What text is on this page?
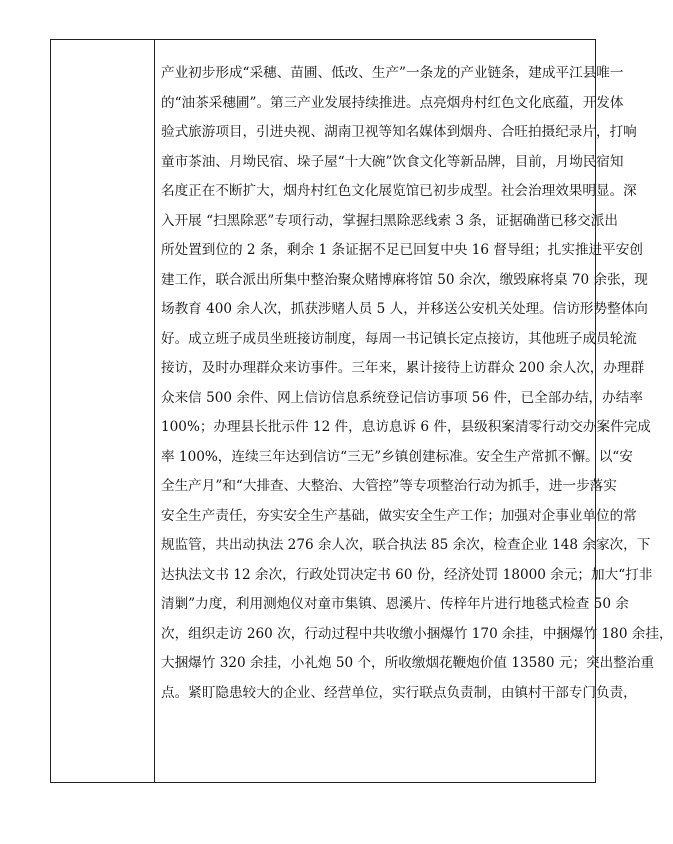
产业初步形成“采穗、苗圃、低改、生产”一条龙的产业链条，建成平江县唯一
的“油茶采穗圃”。第三产业发展持续推进。点亮烟舟村红色文化底蕴，开发体
验式旅游项目，引进央视、湖南卫视等知名媒体到烟舟、合旺拍摄纪录片，打响
童市茶油、月坳民宿、垛子屋“十大碗”饮食文化等新品牌，目前，月坳民宿知
名度正在不断扩大，烟舟村红色文化展览馆已初步成型。社会治理效果明显。深
入开展 “扫黑除恶”专项行动，掌握扫黑除恶线索 3 条，证据确凿已移交派出
所处置到位的 2 条，剩余 1 条证据不足已回复中央 16 督导组；扎实推进平安创
建工作，联合派出所集中整治聚众赌博麻将馆 50 余次，缴毁麻将桌 70 余张，现
场教育 400 余人次，抓获涉赌人员 5 人，并移送公安机关处理。信访形势整体向
好。成立班子成员坐班接访制度，每周一书记镇长定点接访，其他班子成员轮流
接访，及时办理群众来访事件。三年来，累计接待上访群众 200 余人次，办理群
众来信 500 余件、网上信访信息系统登记信访事项 56 件，已全部办结，办结率
100%；办理县长批示件 12 件，息访息诉 6 件，县级积案清零行动交办案件完成
率 100%，连续三年达到信访“三无”乡镇创建标准。安全生产常抓不懈。以“安
全生产月”和“大排查、大整治、大管控”等专项整治行动为抓手，进一步落实
安全生产责任，夯实安全生产基础，做实安全生产工作；加强对企事业单位的常
规监管，共出动执法 276 余人次，联合执法 85 余次，检查企业 148 余家次，下
达执法文书 12 余次，行政处罚决定书 60 份，经济处罚 18000 余元；加大“打非
清剿”力度，利用测炮仪对童市集镇、恩溪片、传梓年片进行地毯式检查 50 余
次，组织走访 260 次，行动过程中共收缴小捆爆竹 170 余挂，中捆爆竹 180 余挂，
大捆爆竹 320 余挂，小礼炮 50 个，所收缴烟花鞭炮价值 13580 元；突出整治重
点。紧盯隐患较大的企业、经营单位，实行联点负责制，由镇村干部专门负责，
